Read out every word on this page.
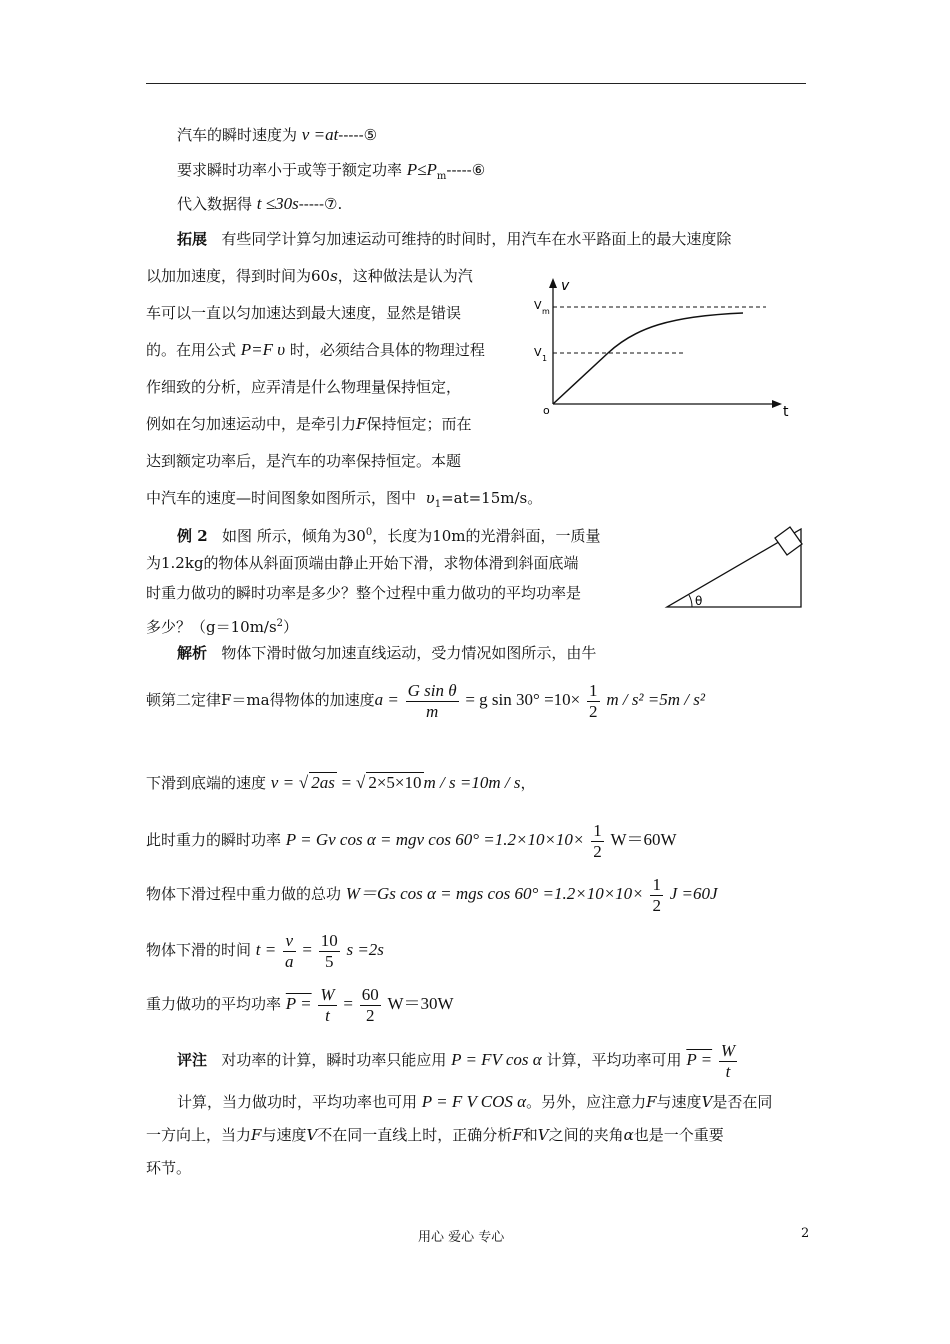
汽车的瞬时速度为 v =at-----⑤
要求瞬时功率小于或等于额定功率 $P\le P_m-----⑥$
代入数据得 t ≤30s-----⑦.
拓展 有些同学计算匀加速运动可维持的时间时，用汽车在水平路面上的最大速度除
以加加速度，得到时间为60s，这种做法是认为汽
车可以一直以匀加速达到最大速度，显然是错误
的。在用公式 P=F υ 时，必须结合具体的物理过程
作细致的分析，应弄清是什么物理量保持恒定，
例如在匀加速运动中，是牵引力F保持恒定；而在
达到额定功率后，是汽车的功率保持恒定。本题
中汽车的速度—时间图象如图所示，图中 $\upsilon_1=at=15m/s$。
v
t
V m
V 1
o
例 2 如图 所示，倾角为$30^0$，长度为10m的光滑斜面，一质量
为1.2kg的物体从斜面顶端由静止开始下滑，求物体滑到斜面底端
时重力做功的瞬时功率是多少？整个过程中重力做功的平均功率是
多少？$(g=10m/s^2)$
θ
解析 物体下滑时做匀加速直线运动，受力情况如图所示，由牛
顿第二定律F＝ma得物体的加速度$a = \frac{\text{G sin θ}}{m} = g$ $\sin 30^\circ =10\times \frac{1}{2}$ m / s² =5m / s²
下滑到底端的速度 v = √ 2as = √ 2×5×10 m / s =10m / s，
此时重力的瞬时功率 P = Gv cos α = mgv $\cos 60^\circ =1.2\times 10\times 10\times \frac{1}{2} W=60W$
物体下滑过程中重力做的总功 W＝Gs cos α = mgs $\cos 60^\circ =1.2\times 10\times 10\times \frac{1}{2}$ J =60J
物体下滑的时间 $t = \frac{v}{a} = \frac{10}{5}$ s =2s
重力做功的平均功率 $P = \frac{W}{t} = \frac{60}{2} W=30W$
评注 对功率的计算，瞬时功率只能应用 P = FV cos α 计算，平均功率可用 $P = \frac{W}{t}$
计算，当力做功时，平均功率也可用 P = F V COS α。另外，应注意力F与速度V是否在同
一方向上，当力F与速度V不在同一直线上时，正确分析F和V之间的夹角α也是一个重要
环节。
用心 爱心 专心	2
